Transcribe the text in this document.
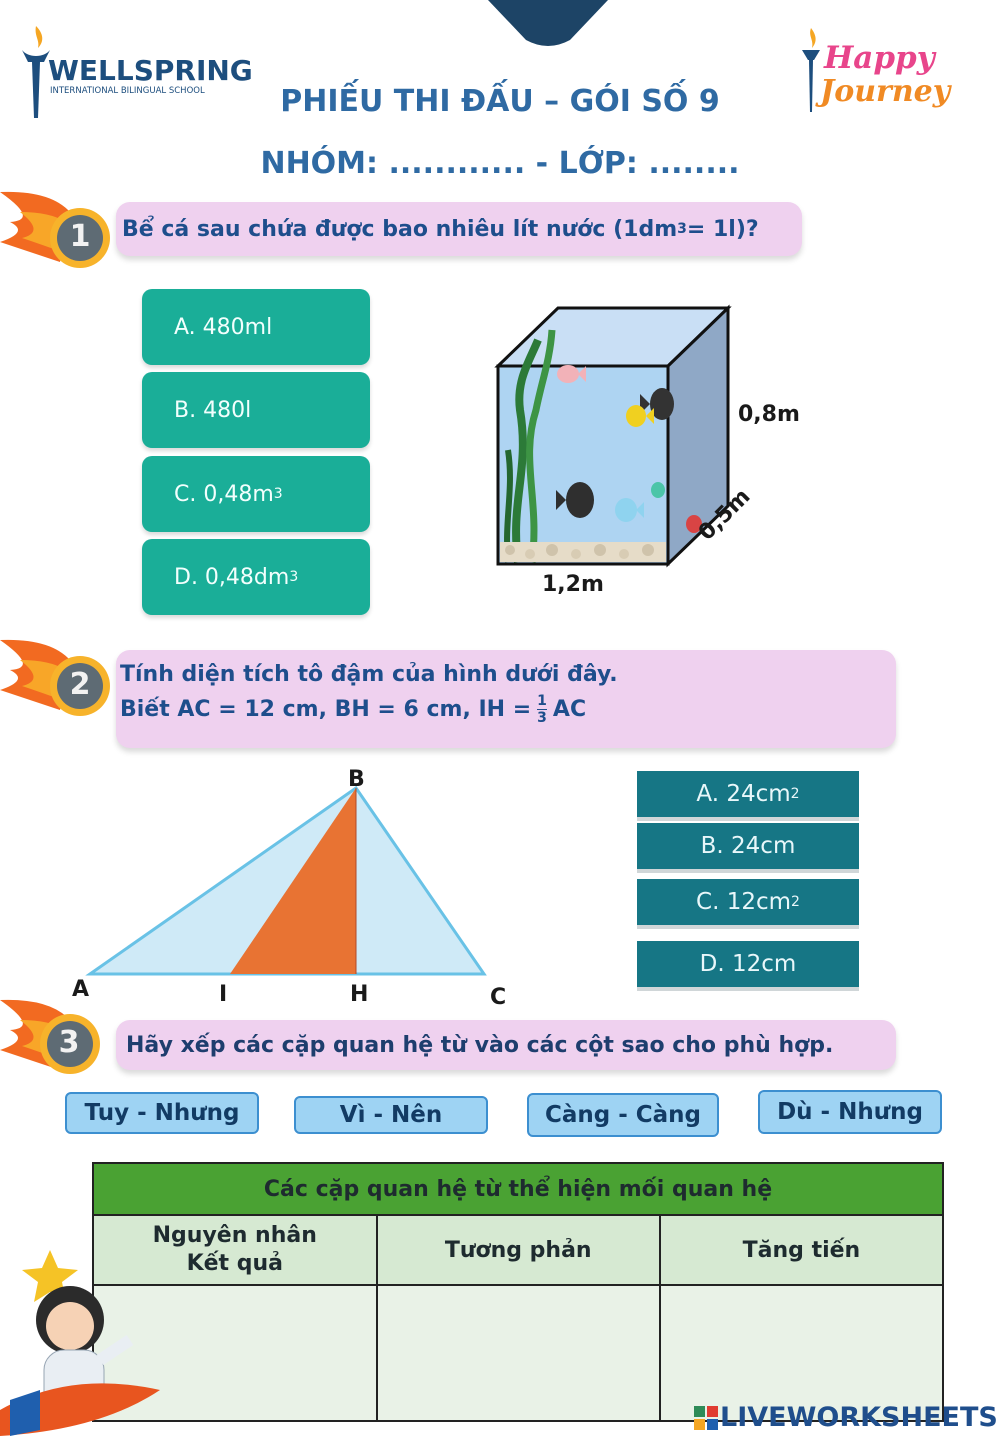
WELLSPRING
INTERNATIONAL BILINGUAL SCHOOL
Happy
Journey
PHIẾU THI ĐẤU – GÓI SỐ 9
NHÓM: ............ - LỚP: ........
1	Bể cá sau chứa được bao nhiêu lít nước (1dm 3 = 1l)?
A. 480ml
B. 480l
C. 0,48m 3
D. 0,48dm 3
0,8m
0,5m
1,2m
2	Tính diện tích tô đậm của hình dưới đây.
Biết AC = 12 cm, BH = 6 cm, IH = $\frac{1}{3}$ AC
B
A	I	H	C
A. 24cm 2
B. 24cm
C. 12cm 2
D. 12cm
3	Hãy xếp các cặp quan hệ từ vào các cột sao cho phù hợp.
Tuy - Nhưng	Vì - Nên	Càng - Càng	Dù - Nhưng
Các cặp quan hệ từ thể hiện mối quan hệ		

Nguyên nhân
Kết quả	Tương phản	Tăng tiến

LIVEWORKSHEETS
